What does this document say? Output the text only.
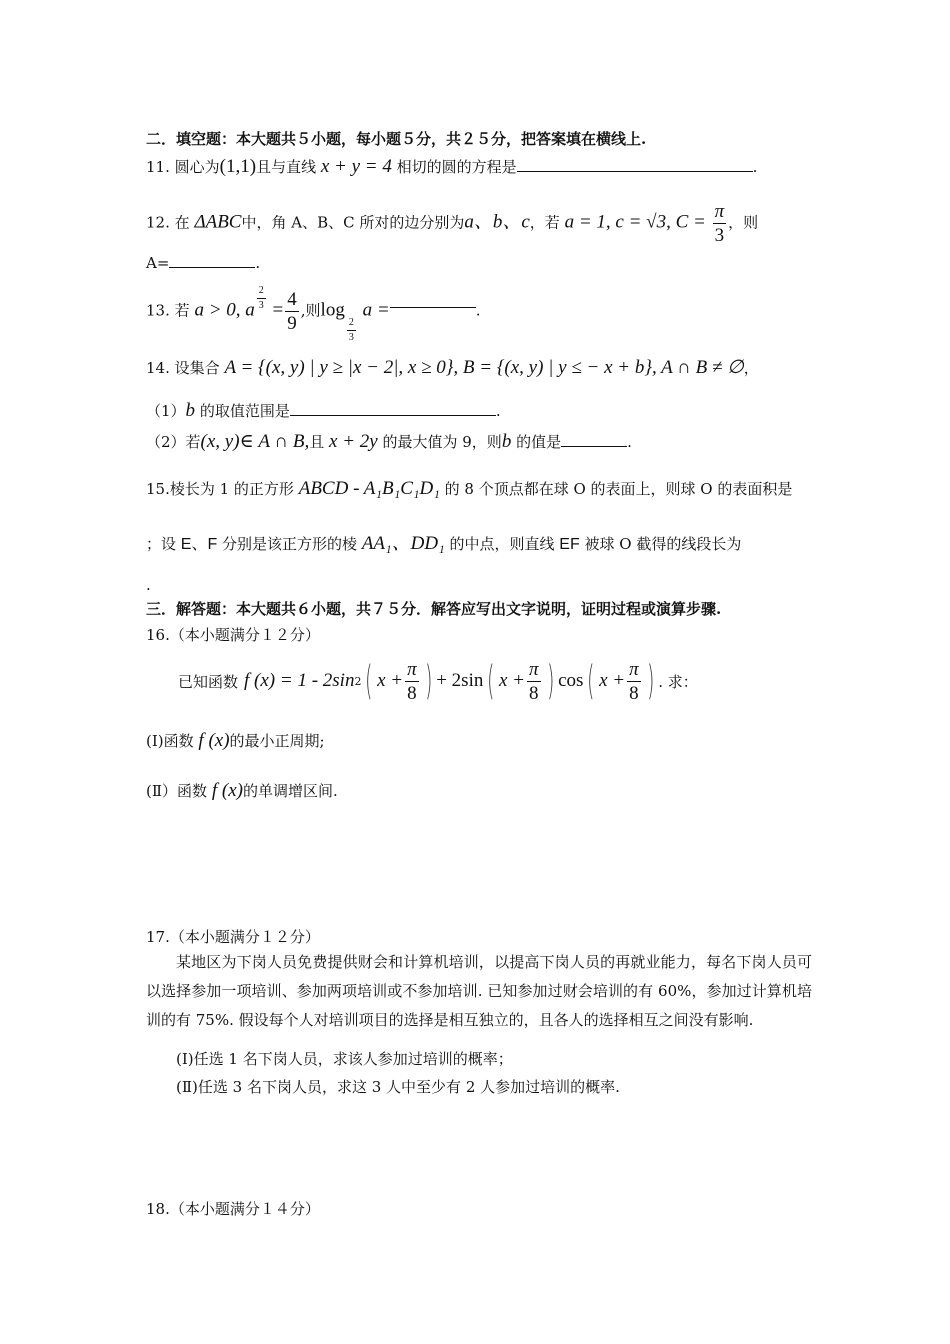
二．填空题：本大题共５小题，每小题５分，共２５分，把答案填在横线上.
11. 圆心为(1,1)且与直线 x + y = 4 相切的圆的方程是	.
12. 在 ΔABC中，角 A、B、C 所对的边分别为a、b、c，若 a = 1, c = √3, $C = \frac{\pi}{3}$ ，则
A=	.
13. 若 a > 0, a $\frac{2}{3} = \frac{4}{9}$ ,则log
$\frac{2}{3}$
a =	.
14. 设集合 A = {(x, y) | y ≥ |x − 2|, x ≥ 0}, B = {(x, y) | y ≤ − x + b}, A ∩ B ≠ ∅，
（1）b 的取值范围是	.
（2）若(x, y)∈ A ∩ B,且 x + 2y 的最大值为 9，则b 的值是	.
15.棱长为 1 的正方形 ABCD - A₁B₁C₁D₁ 的 8 个顶点都在球 O 的表面上，则球 O 的表面积是
；设 E、F 分别是该正方形的棱 AA₁、DD₁ 的中点，则直线 EF 被球 O 截得的线段长为
.
三．解答题：本大题共６小题，共７５分．解答应写出文字说明，证明过程或演算步骤.
16.（本小题满分１２分）
已知函数 f (x) = 1 - 2sin 2 ( $x + \frac{\pi}{8}$ ) + 2sin ( $x + \frac{\pi}{8}$ ) cos ( $x + \frac{\pi}{8}$ ) . 求：
(Ⅰ)函数 f (x)的最小正周期;
(Ⅱ）函数 f (x)的单调增区间.
17.（本小题满分１２分）
某地区为下岗人员免费提供财会和计算机培训，以提高下岗人员的再就业能力，每名下岗人员可以选择参加一项培训、参加两项培训或不参加培训. 已知参加过财会培训的有 60%，参加过计算机培训的有 75%. 假设每个人对培训项目的选择是相互独立的，且各人的选择相互之间没有影响.
(Ⅰ)任选 1 名下岗人员，求该人参加过培训的概率；
(Ⅱ)任选 3 名下岗人员，求这 3 人中至少有 2 人参加过培训的概率.
18.（本小题满分１４分）
